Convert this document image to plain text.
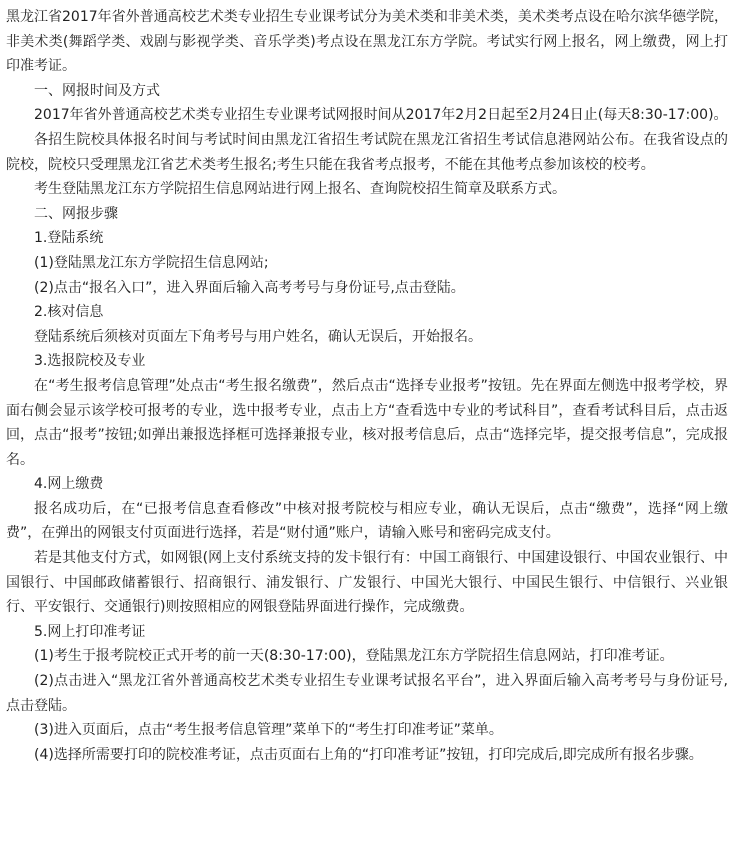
黑龙江省2017年省外普通高校艺术类专业招生专业课考试分为美术类和非美术类，美术类考点设在哈尔滨华德学院，非美术类(舞蹈学类、戏剧与影视学类、音乐学类)考点设在黑龙江东方学院。考试实行网上报名，网上缴费，网上打印准考证。

一、网报时间及方式

2017年省外普通高校艺术类专业招生专业课考试网报时间从2017年2月2日起至2月24日止(每天8:30-17:00)。

各招生院校具体报名时间与考试时间由黑龙江省招生考试院在黑龙江省招生考试信息港网站公布。在我省设点的院校，院校只受理黑龙江省艺术类考生报名;考生只能在我省考点报考，不能在其他考点参加该校的校考。

考生登陆黑龙江东方学院招生信息网站进行网上报名、查询院校招生简章及联系方式。

二、网报步骤

1.登陆系统

(1)登陆黑龙江东方学院招生信息网站;

(2)点击“报名入口”，进入界面后输入高考考号与身份证号,点击登陆。

2.核对信息

登陆系统后须核对页面左下角考号与用户姓名，确认无误后，开始报名。

3.选报院校及专业

在“考生报考信息管理”处点击“考生报名缴费”，然后点击“选择专业报考”按钮。先在界面左侧选中报考学校，界面右侧会显示该学校可报考的专业，选中报考专业，点击上方“查看选中专业的考试科目”，查看考试科目后，点击返回，点击“报考”按钮;如弹出兼报选择框可选择兼报专业，核对报考信息后，点击“选择完毕，提交报考信息”，完成报名。

4.网上缴费

报名成功后，在“已报考信息查看修改”中核对报考院校与相应专业，确认无误后，点击“缴费”，选择“网上缴费”，在弹出的网银支付页面进行选择，若是“财付通”账户，请输入账号和密码完成支付。

若是其他支付方式，如网银(网上支付系统支持的发卡银行有：中国工商银行、中国建设银行、中国农业银行、中国银行、中国邮政储蓄银行、招商银行、浦发银行、广发银行、中国光大银行、中国民生银行、中信银行、兴业银行、平安银行、交通银行)则按照相应的网银登陆界面进行操作，完成缴费。

5.网上打印准考证

(1)考生于报考院校正式开考的前一天(8:30-17:00)，登陆黑龙江东方学院招生信息网站，打印准考证。

(2)点击进入“黑龙江省外普通高校艺术类专业招生专业课考试报名平台”，进入界面后输入高考考号与身份证号,点击登陆。

(3)进入页面后，点击“考生报考信息管理”菜单下的“考生打印准考证”菜单。

(4)选择所需要打印的院校准考证，点击页面右上角的“打印准考证”按钮，打印完成后,即完成所有报名步骤。
